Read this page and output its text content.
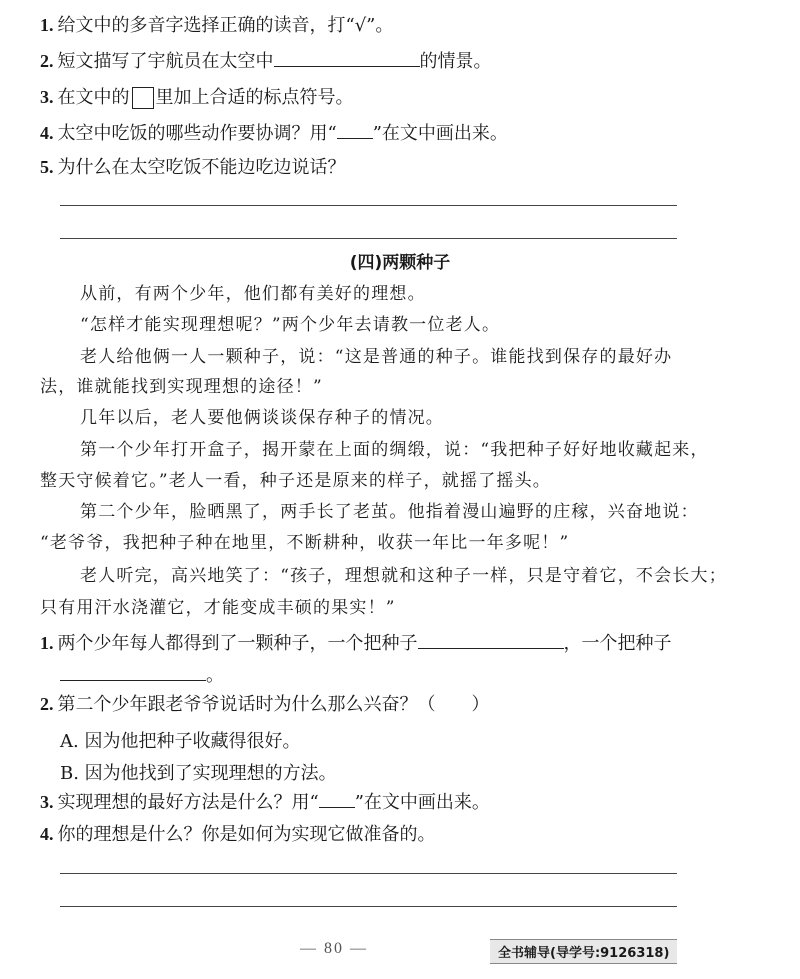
1. 给文中的多音字选择正确的读音，打“√”。
2. 短文描写了宇航员在太空中	的情景。
3. 在文中的 里加上合适的标点符号。
4. 太空中吃饭的哪些动作要协调？用“ ”在文中画出来。
5. 为什么在太空吃饭不能边吃边说话？
(四)两颗种子
从前，有两个少年，他们都有美好的理想。
“怎样才能实现理想呢？”两个少年去请教一位老人。
老人给他俩一人一颗种子，说：“这是普通的种子。谁能找到保存的最好办
法，谁就能找到实现理想的途径！”
几年以后，老人要他俩谈谈保存种子的情况。
第一个少年打开盒子，揭开蒙在上面的绸缎，说：“我把种子好好地收藏起来，
整天守候着它。”老人一看，种子还是原来的样子，就摇了摇头。
第二个少年，脸晒黑了，两手长了老茧。他指着漫山遍野的庄稼，兴奋地说：
“老爷爷，我把种子种在地里，不断耕种，收获一年比一年多呢！”
老人听完，高兴地笑了：“孩子，理想就和这种子一样，只是守着它，不会长大；
只有用汗水浇灌它，才能变成丰硕的果实！”
1. 两个少年每人都得到了一颗种子，一个把种子	，一个把种子
。
2. 第二个少年跟老爷爷说话时为什么那么兴奋？（　　）
A. 因为他把种子收藏得很好。
B. 因为他找到了实现理想的方法。
3. 实现理想的最好方法是什么？用“ ”在文中画出来。
4. 你的理想是什么？你是如何为实现它做准备的。
— 80 —	全书辅导(导学号:9126318)
